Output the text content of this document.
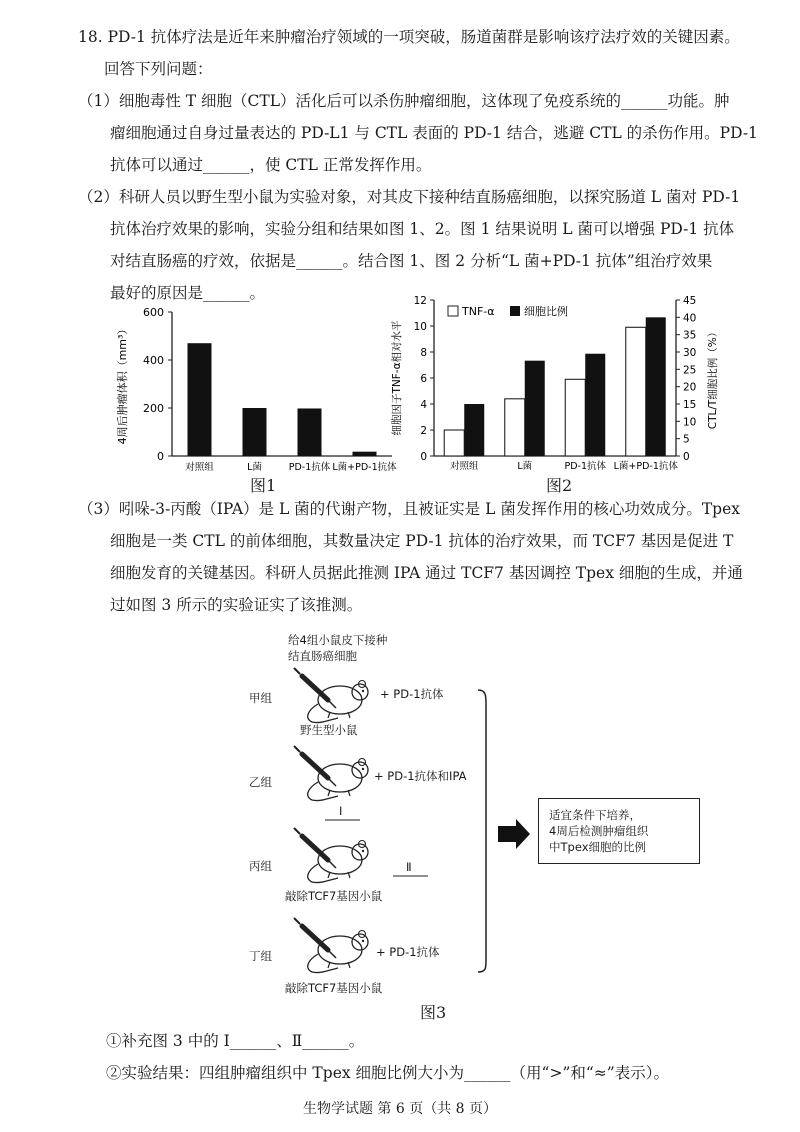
18. PD-1 抗体疗法是近年来肿瘤治疗领域的一项突破，肠道菌群是影响该疗法疗效的关键因素。
回答下列问题：
（1）细胞毒性 T 细胞（CTL）活化后可以杀伤肿瘤细胞，这体现了免疫系统的______功能。肿
瘤细胞通过自身过量表达的 PD-L1 与 CTL 表面的 PD-1 结合，逃避 CTL 的杀伤作用。PD-1
抗体可以通过______，使 CTL 正常发挥作用。
（2）科研人员以野生型小鼠为实验对象，对其皮下接种结直肠癌细胞，以探究肠道 L 菌对 PD-1
抗体治疗效果的影响，实验分组和结果如图 1、2。图 1 结果说明 L 菌可以增强 PD-1 抗体
对结直肠癌的疗效，依据是______。结合图 1、图 2 分析“L 菌+PD-1 抗体”组治疗效果
最好的原因是______。
0
200
400
600
4周后肿瘤体积（mm³）
对照组	L菌	PD-1抗体 L菌+PD-1抗体
图1
0
2
4
6
8
10
12
0
5
10
15
20
25
30
35
40
45
细胞因子TNF-α相对水平	CTL/T细胞比例（%）
对照组	L菌	PD-1抗体 L菌+PD-1抗体
TNF-α	细胞比例
图2
（3）吲哚-3-丙酸（IPA）是 L 菌的代谢产物，且被证实是 L 菌发挥作用的核心功效成分。Tpex
细胞是一类 CTL 的前体细胞，其数量决定 PD-1 抗体的治疗效果，而 TCF7 基因是促进 T
细胞发育的关键基因。科研人员据此推测 IPA 通过 TCF7 基因调控 Tpex 细胞的生成，并通
过如图 3 所示的实验证实了该推测。
给4组小鼠皮下接种
结直肠癌细胞
甲组	+ PD-1抗体
野生型小鼠
乙组	+ PD-1抗体和IPA
Ⅰ
丙组	Ⅱ
敲除TCF7基因小鼠
丁组	+ PD-1抗体
敲除TCF7基因小鼠
适宜条件下培养，
4周后检测肿瘤组织
中Tpex细胞的比例
图3
①补充图 3 中的 Ⅰ______、Ⅱ______。
②实验结果：四组肿瘤组织中 Tpex 细胞比例大小为______（用“>”和“≈”表示）。
生物学试题 第 6 页（共 8 页）
